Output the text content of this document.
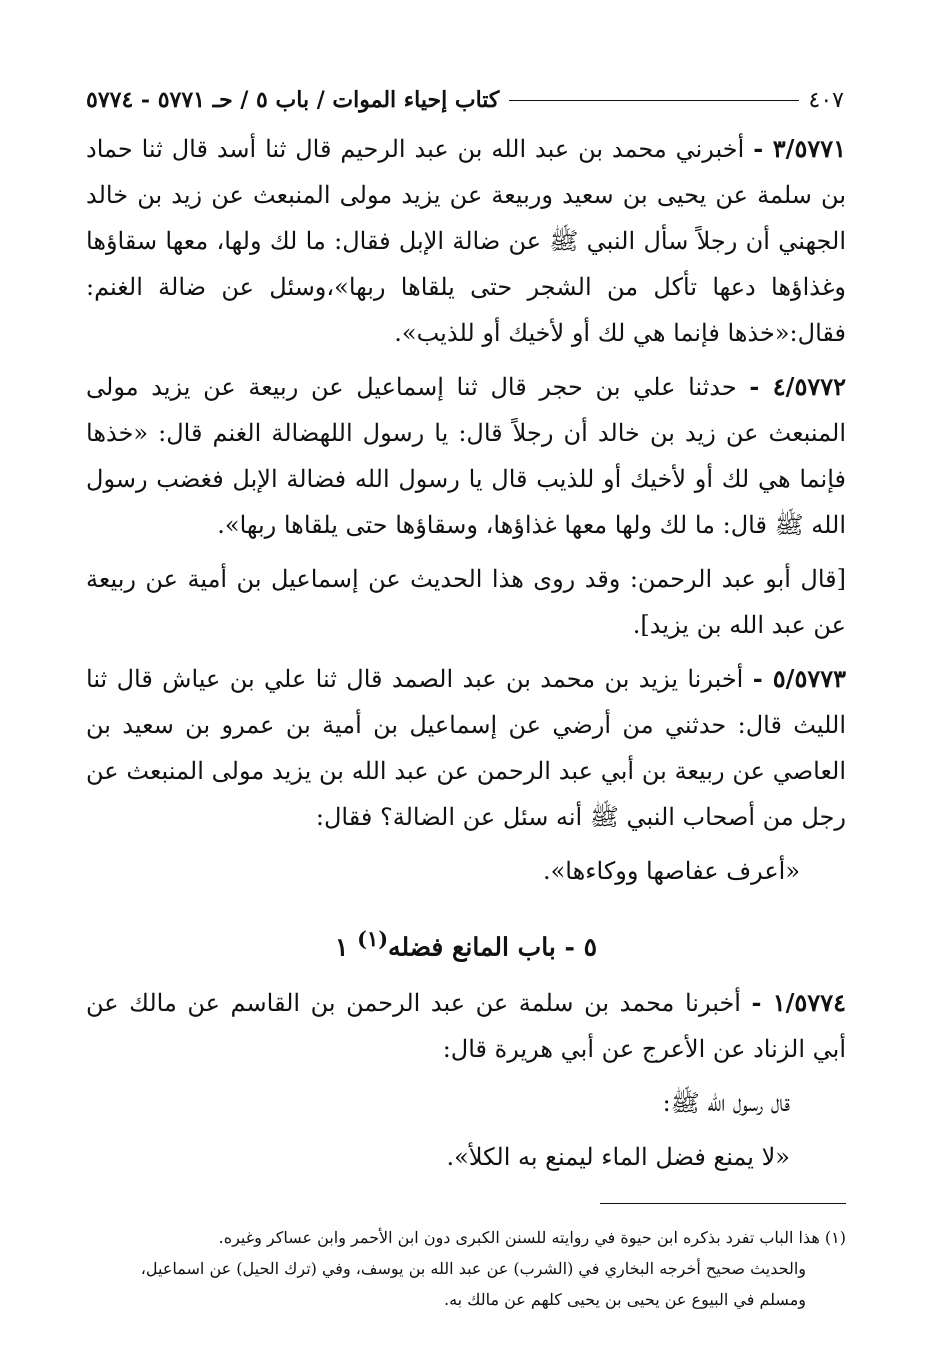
كتاب إحياء الموات / باب ٥ / حـ ٥٧٧١ - ٥٧٧٤	٤٠٧

٣/٥٧٧١ - أخبرني محمد بن عبد الله بن عبد الرحيم قال ثنا أسد قال ثنا حماد بن سلمة عن يحيى بن سعيد وربيعة عن يزيد مولى المنبعث عن زيد بن خالد الجهني أن رجلاً سأل النبي ﷺ عن ضالة الإبل فقال: ما لك ولها، معها سقاؤها وغذاؤها دعها تأكل من الشجر حتى يلقاها ربها»،وسئل عن ضالة الغنم: فقال:«خذها فإنما هي لك أو لأخيك أو للذيب».

٤/٥٧٧٢ - حدثنا علي بن حجر قال ثنا إسماعيل عن ربيعة عن يزيد مولى المنبعث عن زيد بن خالد أن رجلاً قال: يا رسول اللهضالة الغنم قال: «خذها فإنما هي لك أو لأخيك أو للذيب قال يا رسول الله فضالة الإبل فغضب رسول الله ﷺ قال: ما لك ولها معها غذاؤها، وسقاؤها حتى يلقاها ربها».

[قال أبو عبد الرحمن: وقد روى هذا الحديث عن إسماعيل بن أمية عن ربيعة عن عبد الله بن يزيد].

٥/٥٧٧٣ - أخبرنا يزيد بن محمد بن عبد الصمد قال ثنا علي بن عياش قال ثنا الليث قال: حدثني من أرضي عن إسماعيل بن أمية بن عمرو بن سعيد بن العاصي عن ربيعة بن أبي عبد الرحمن عن عبد الله بن يزيد مولى المنبعث عن رجل من أصحاب النبي ﷺ أنه سئل عن الضالة؟ فقال:

«أعرف عفاصها ووكاءها».

٥ - باب المانع فضله$^{(١)}$ ١

١/٥٧٧٤ - أخبرنا محمد بن سلمة عن عبد الرحمن بن القاسم عن مالك عن أبي الزناد عن الأعرج عن أبي هريرة قال:

قال رسول الله ﷺ:

«لا يمنع فضل الماء ليمنع به الكلأ».

(١) هذا الباب تفرد بذكره ابن حيوة في روايته للسنن الكبرى دون ابن الأحمر وابن عساكر وغيره.

والحديث صحيح أخرجه البخاري في (الشرب) عن عبد الله بن يوسف، وفي (ترك الحيل) عن اسماعيل،

ومسلم في البيوع عن يحيى بن يحيى كلهم عن مالك به.
